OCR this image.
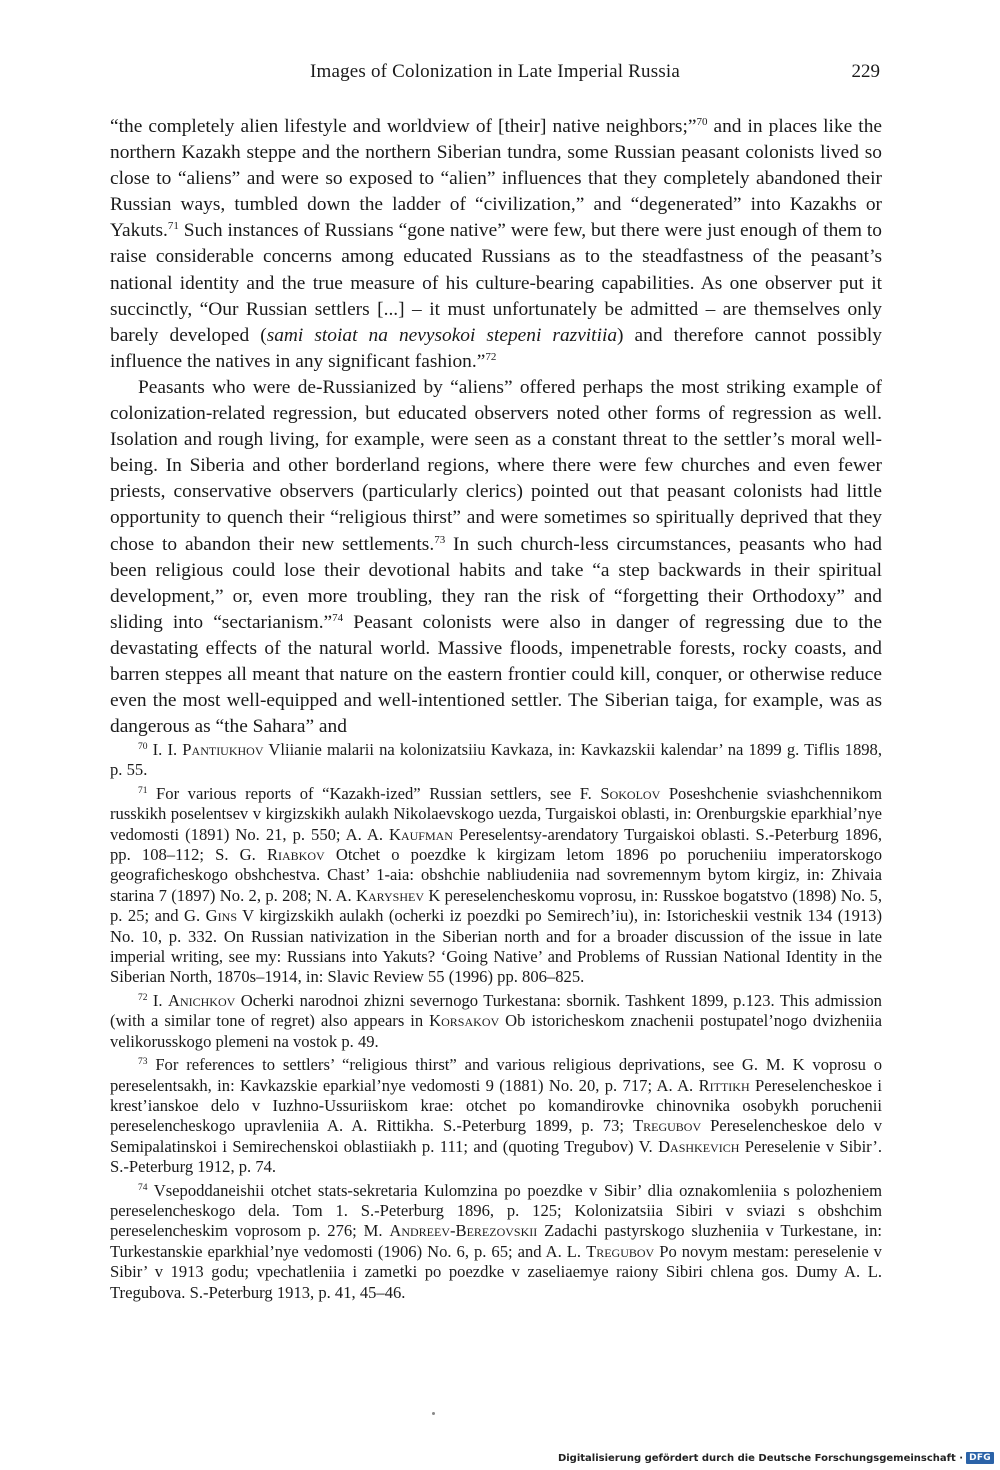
Images of Colonization in Late Imperial Russia	229

“the completely alien lifestyle and worldview of [their] native neighbors;”$^{70}$ and in places like the northern Kazakh steppe and the northern Siberian tundra, some Russian peasant colonists lived so close to “aliens” and were so exposed to “alien” influences that they completely abandoned their Russian ways, tumbled down the ladder of “civilization,” and “degenerated” into Kazakhs or Yakuts.$^{71}$ Such instances of Russians “gone native” were few, but there were just enough of them to raise considerable concerns among educated Russians as to the steadfastness of the peasant’s national identity and the true measure of his culture-bearing capabilities. As one observer put it succinctly, “Our Russian settlers [...] – it must unfortunately be admitted – are themselves only barely developed (sami stoiat na nevysokoi stepeni razvitiia) and therefore cannot possibly influence the natives in any significant fashion.”$^{72}$

Peasants who were de-Russianized by “aliens” offered perhaps the most striking example of colonization-related regression, but educated observers noted other forms of regression as well. Isolation and rough living, for example, were seen as a constant threat to the settler’s moral well-being. In Siberia and other borderland regions, where there were few churches and even fewer priests, conservative observers (particularly clerics) pointed out that peasant colonists had little opportunity to quench their “religious thirst” and were sometimes so spiritually deprived that they chose to abandon their new settlements.$^{73}$ In such church-less circumstances, peasants who had been religious could lose their devotional habits and take “a step backwards in their spiritual development,” or, even more troubling, they ran the risk of “forgetting their Orthodoxy” and sliding into “sectarianism.”$^{74}$ Peasant colonists were also in danger of regressing due to the devastating effects of the natural world. Massive floods, impenetrable forests, rocky coasts, and barren steppes all meant that nature on the eastern frontier could kill, conquer, or otherwise reduce even the most well-equipped and well-intentioned settler. The Siberian taiga, for example, was as dangerous as “the Sahara” and

$^{70}$ I. I. Pantiukhov Vliianie malarii na kolonizatsiiu Kavkaza, in: Kavkazskii kalendar’ na 1899 g. Tiflis 1898, p. 55.

$^{71}$ For various reports of “Kazakh-ized” Russian settlers, see F. Sokolov Poseshchenie sviashchennikom russkikh poselentsev v kirgizskikh aulakh Nikolaevskogo uezda, Turgaiskoi oblasti, in: Orenburgskie eparkhial’nye vedomosti (1891) No. 21, p. 550; A. A. Kaufman Pereselentsy-arendatory Turgaiskoi oblasti. S.-Peterburg 1896, pp. 108–112; S. G. Riabkov Otchet o poezdke k kirgizam letom 1896 po porucheniiu imperatorskogo geograficheskogo obshchestva. Chast’ 1-aia: obshchie nabliudeniia nad sovremennym bytom kirgiz, in: Zhivaia starina 7 (1897) No. 2, p. 208; N. A. Karyshev K pereselencheskomu voprosu, in: Russkoe bogatstvo (1898) No. 5, p. 25; and G. Gins V kirgizskikh aulakh (ocherki iz poezdki po Semirech’iu), in: Istoricheskii vestnik 134 (1913) No. 10, p. 332. On Russian nativization in the Siberian north and for a broader discussion of the issue in late imperial writing, see my: Russians into Yakuts? ‘Going Native’ and Problems of Russian National Identity in the Siberian North, 1870s–1914, in: Slavic Review 55 (1996) pp. 806–825.

$^{72}$ I. Anichkov Ocherki narodnoi zhizni severnogo Turkestana: sbornik. Tashkent 1899, p.123. This admission (with a similar tone of regret) also appears in Korsakov Ob istoricheskom znachenii postupatel’nogo dvizheniia velikorusskogo plemeni na vostok p. 49.

$^{73}$ For references to settlers’ “religious thirst” and various religious deprivations, see G. M. K voprosu o pereselentsakh, in: Kavkazskie eparkial’nye vedomosti 9 (1881) No. 20, p. 717; A. A. Rittikh Pereselencheskoe i krest’ianskoe delo v Iuzhno-Ussuriiskom krae: otchet po komandirovke chinovnika osobykh poruchenii pereselencheskogo upravleniia A. A. Rittikha. S.-Peterburg 1899, p. 73; Tregubov Pereselencheskoe delo v Semipalatinskoi i Semirechenskoi oblastiiakh p. 111; and (quoting Tregubov) V. Dashkevich Pereselenie v Sibir’. S.-Peterburg 1912, p. 74.

$^{74}$ Vsepoddaneishii otchet stats-sekretaria Kulomzina po poezdke v Sibir’ dlia oznakomleniia s polozheniem pereselencheskogo dela. Tom 1. S.-Peterburg 1896, p. 125; Kolonizatsiia Sibiri v sviazi s obshchim pereselencheskim voprosom p. 276; M. Andreev-Berezovskii Zadachi pastyrskogo sluzheniia v Turkestane, in: Turkestanskie eparkhial’nye vedomosti (1906) No. 6, p. 65; and A. L. Tregubov Po novym mestam: pereselenie v Sibir’ v 1913 godu; vpechatleniia i zametki po poezdke v zaseliaemye raiony Sibiri chlena gos. Dumy A. L. Tregubova. S.-Peterburg 1913, p. 41, 45–46.

Digitalisierung gefördert durch die Deutsche Forschungsgemeinschaft · DFG
